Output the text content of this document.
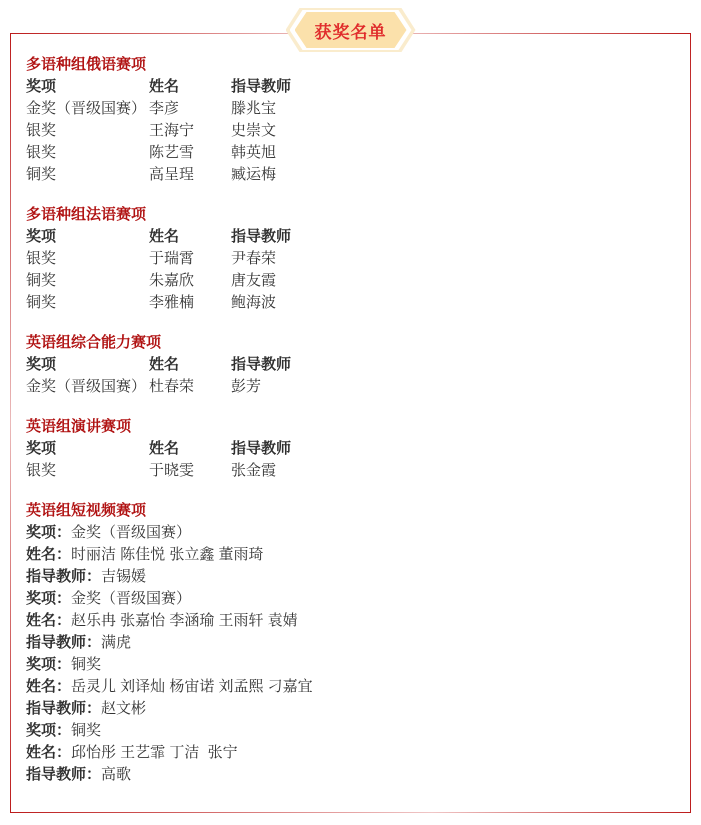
获奖名单
多语种组俄语赛项
奖项	姓名	指导教师
金奖（晋级国赛） 李彦	滕兆宝
银奖	王海宁	史崇文
银奖	陈艺雪	韩英旭
铜奖	高呈珵	臧运梅
多语种组法语赛项
奖项	姓名	指导教师
银奖	于瑞霄	尹春荣
铜奖	朱嘉欣	唐友霞
铜奖	李雅楠	鲍海波
英语组综合能力赛项
奖项	姓名	指导教师
金奖（晋级国赛） 杜春荣	彭芳
英语组演讲赛项
奖项	姓名	指导教师
银奖	于晓雯	张金霞
英语组短视频赛项
奖项：金奖（晋级国赛）
姓名：时丽洁 陈佳悦 张立鑫 董雨琦
指导教师：吉锡媛
奖项：金奖（晋级国赛）
姓名：赵乐冉 张嘉怡 李涵瑜 王雨轩 袁婧
指导教师：满虎
奖项：铜奖
姓名：岳灵儿 刘译灿 杨宙诺 刘孟熙 刁嘉宜
指导教师：赵文彬
奖项：铜奖
姓名：邱怡彤 王艺霏 丁洁  张宁
指导教师：高歌
